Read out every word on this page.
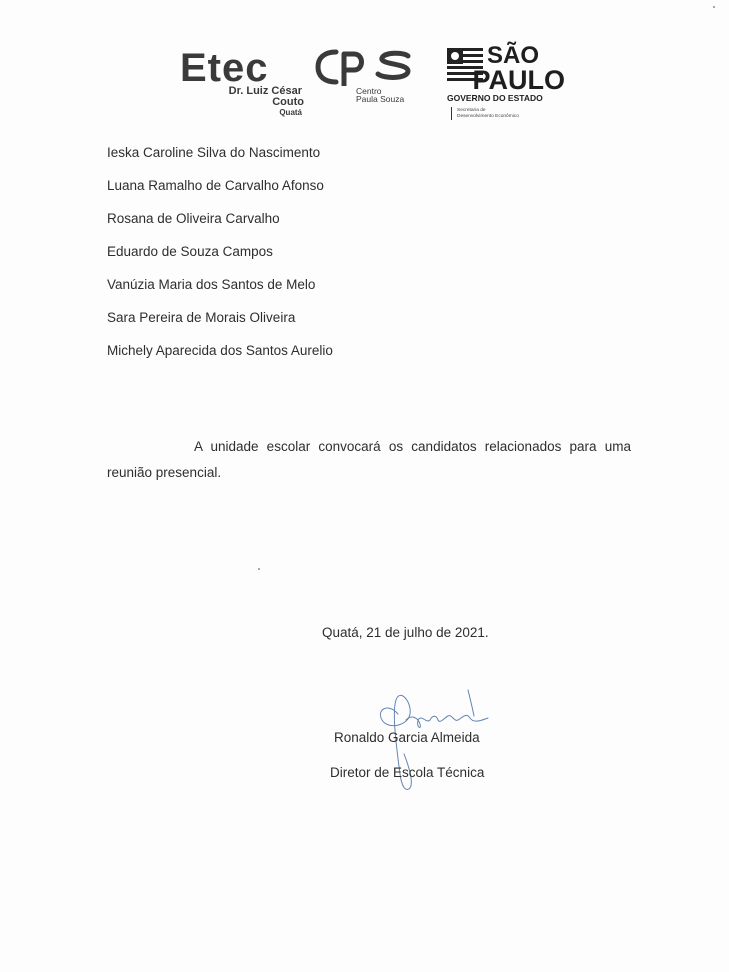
Etec
Dr. Luiz César
Couto
Quatá
Centro
Paula Souza
SÃO
PAULO
GOVERNO DO ESTADO
Secretaria de
Desenvolvimento Econômico
Ieska Caroline Silva do Nascimento
Luana Ramalho de Carvalho Afonso
Rosana de Oliveira Carvalho
Eduardo de Souza Campos
Vanúzia Maria dos Santos de Melo
Sara Pereira de Morais Oliveira
Michely Aparecida dos Santos Aurelio

A unidade escolar convocará os candidatos relacionados para uma reunião presencial.

Quatá, 21 de julho de 2021.
Ronaldo Garcia Almeida
Diretor de Escola Técnica
